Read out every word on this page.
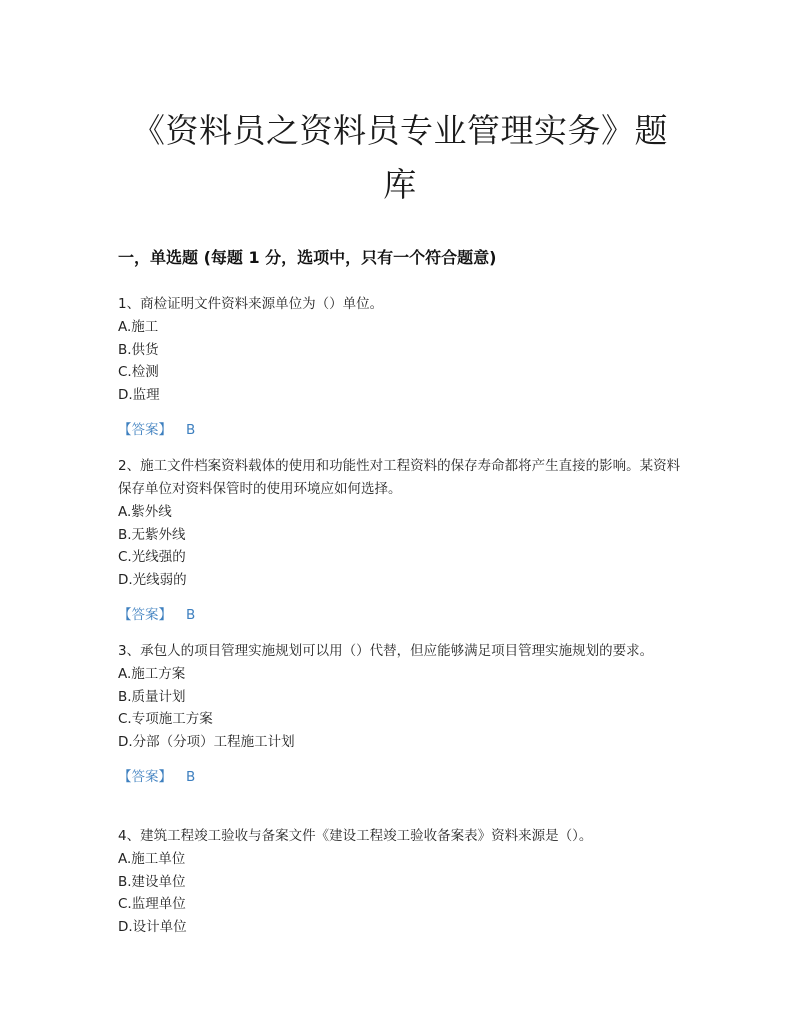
《资料员之资料员专业管理实务》题库
一，单选题 (每题 1 分，选项中，只有一个符合题意)

1、商检证明文件资料来源单位为（）单位。

A.施工

B.供货

C.检测

D.监理

【答案】 B

2、施工文件档案资料载体的使用和功能性对工程资料的保存寿命都将产生直接的影响。某资料保存单位对资料保管时的使用环境应如何选择。

A.紫外线

B.无紫外线

C.光线强的

D.光线弱的

【答案】 B

3、承包人的项目管理实施规划可以用（）代替，但应能够满足项目管理实施规划的要求。

A.施工方案

B.质量计划

C.专项施工方案

D.分部（分项）工程施工计划

【答案】 B

4、建筑工程竣工验收与备案文件《建设工程竣工验收备案表》资料来源是（）。

A.施工单位

B.建设单位

C.监理单位

D.设计单位
